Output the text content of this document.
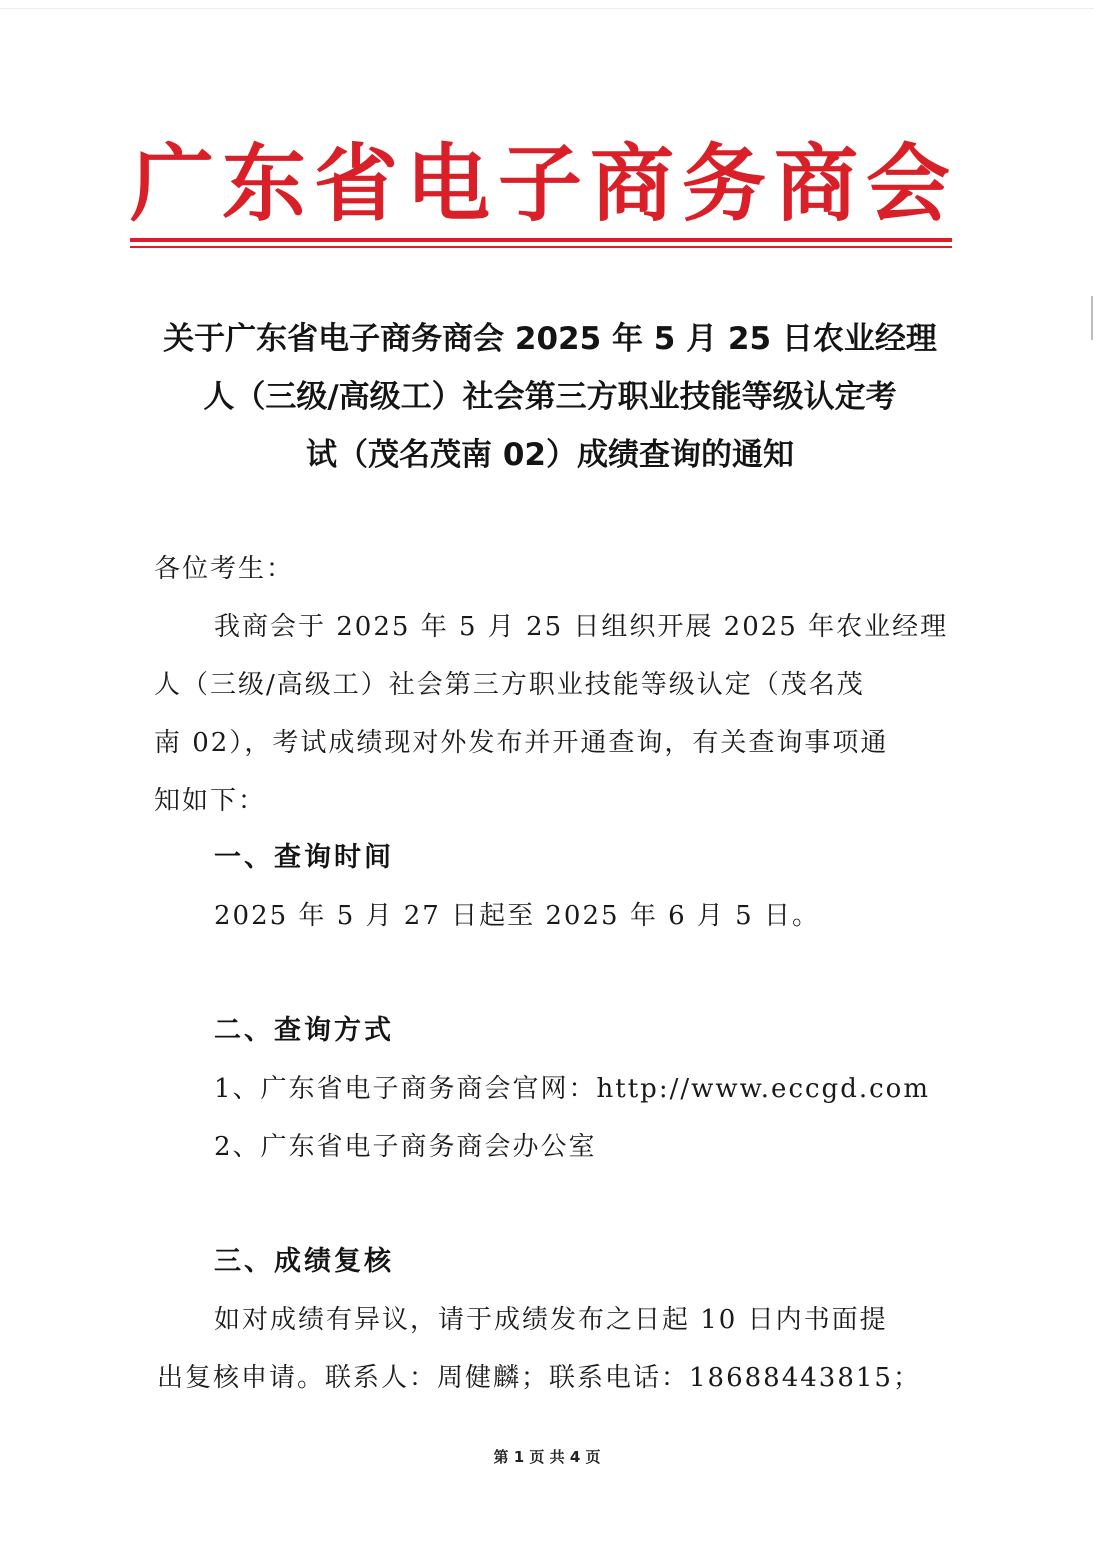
广东省电子商务商会
关于广东省电子商务商会 2025 年 5 月 25 日农业经理
人（三级/高级工）社会第三方职业技能等级认定考
试（茂名茂南 02）成绩查询的通知
各位考生：
我商会于 2025 年 5 月 25 日组织开展 2025 年农业经理
人（三级/高级工）社会第三方职业技能等级认定（茂名茂
南 02），考试成绩现对外发布并开通查询，有关查询事项通
知如下：
一、查询时间
2025 年 5 月 27 日起至 2025 年 6 月 5 日。
二、查询方式
1、广东省电子商务商会官网：http://www.eccgd.com
2、广东省电子商务商会办公室
三、成绩复核
如对成绩有异议，请于成绩发布之日起 10 日内书面提
出复核申请。联系人：周健麟；联系电话：18688443815；
第 1 页 共 4 页
